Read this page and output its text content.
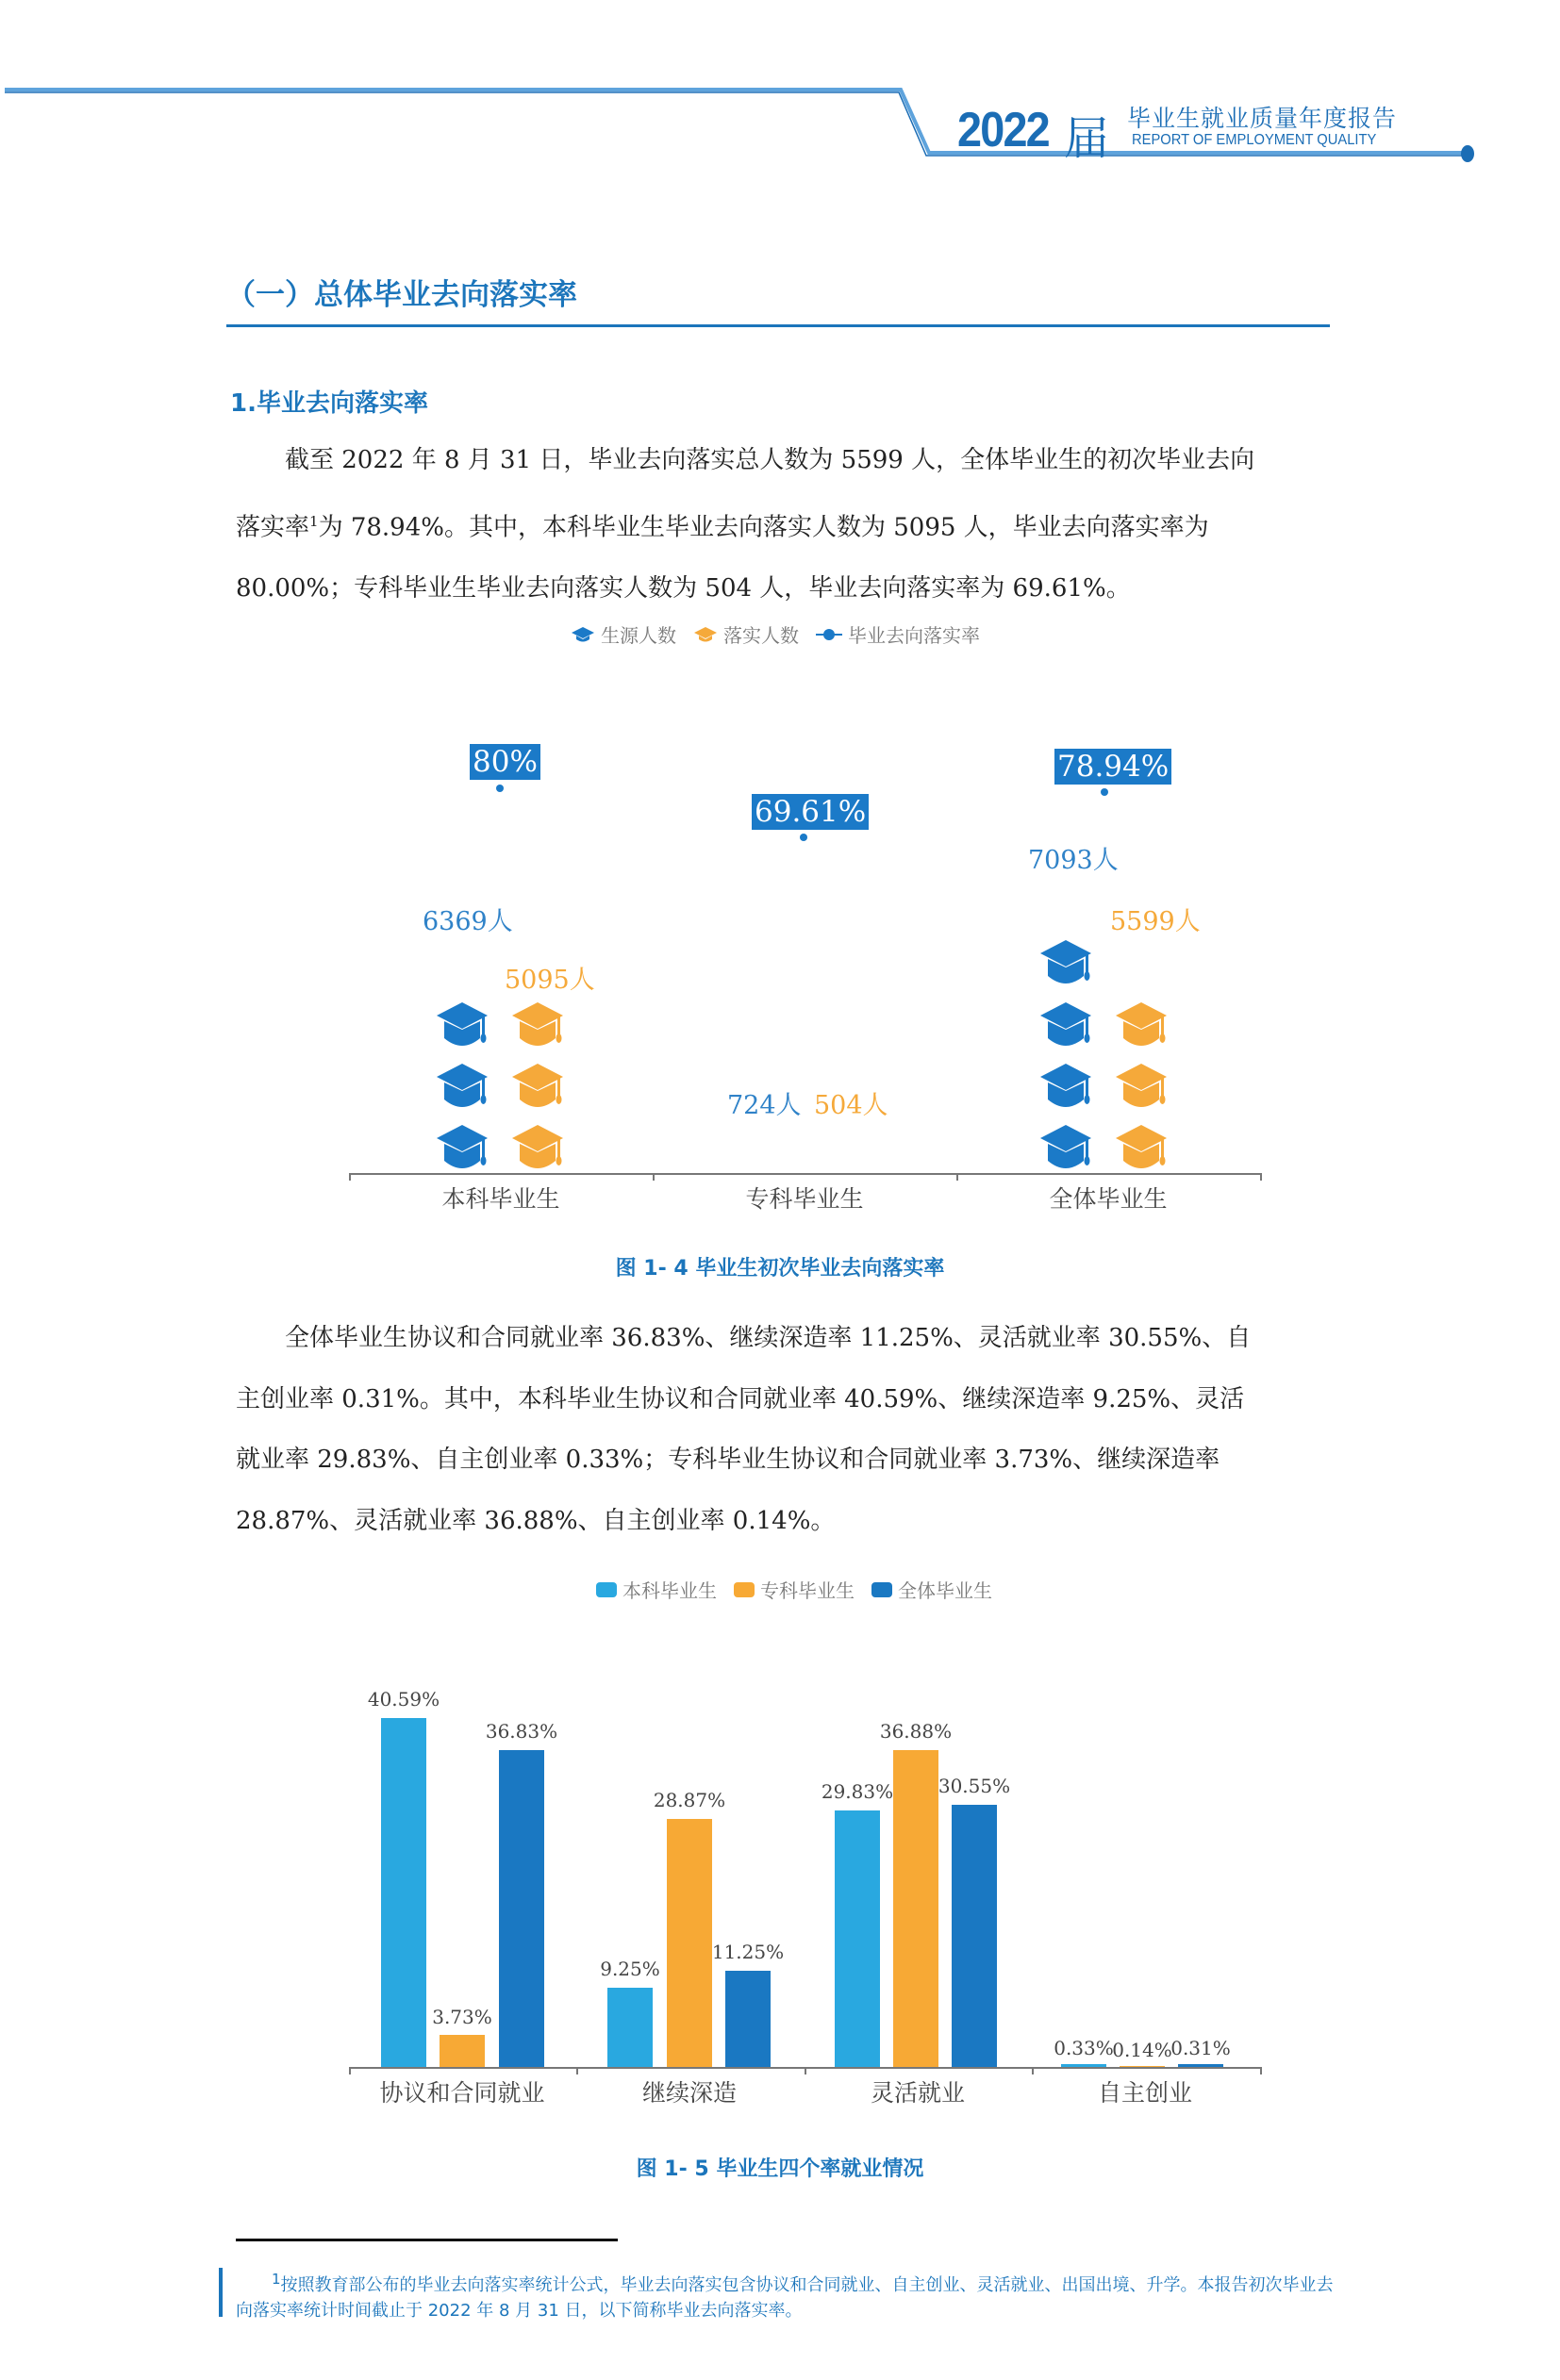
2022 届 毕业生就业质量年度报告
REPORT OF EMPLOYMENT QUALITY
（一）总体毕业去向落实率
1.毕业去向落实率
截至 2022 年 8 月 31 日，毕业去向落实总人数为 5599 人，全体毕业生的初次毕业去向
落实率$^1$为 78.94%。其中，本科毕业生毕业去向落实人数为 5095 人，毕业去向落实率为
80.00%；专科毕业生毕业去向落实人数为 504 人，毕业去向落实率为 69.61%。
生源人数	落实人数	毕业去向落实率
80%
69.61%
78.94%
6369人
5095人
724人 504人
7093人
5599人
本科毕业生	专科毕业生	全体毕业生
图 1- 4 毕业生初次毕业去向落实率
全体毕业生协议和合同就业率 36.83%、继续深造率 11.25%、灵活就业率 30.55%、自
主创业率 0.31%。其中，本科毕业生协议和合同就业率 40.59%、继续深造率 9.25%、灵活
就业率 29.83%、自主创业率 0.33%；专科毕业生协议和合同就业率 3.73%、继续深造率
28.87%、灵活就业率 36.88%、自主创业率 0.14%。
本科毕业生 专科毕业生 全体毕业生
40.59%
3.73%
36.83%
9.25%
28.87%
11.25%
29.83%
36.88%
30.55%
0.33%
0.14%
0.31%
协议和合同就业	继续深造	灵活就业	自主创业
图 1- 5 毕业生四个率就业情况
$^1$按照教育部公布的毕业去向落实率统计公式，毕业去向落实包含协议和合同就业、自主创业、灵活就业、出国出境、升学。本报告初次毕业去向落实率统计时间截止于 2022 年 8 月 31 日，以下简称毕业去向落实率。
